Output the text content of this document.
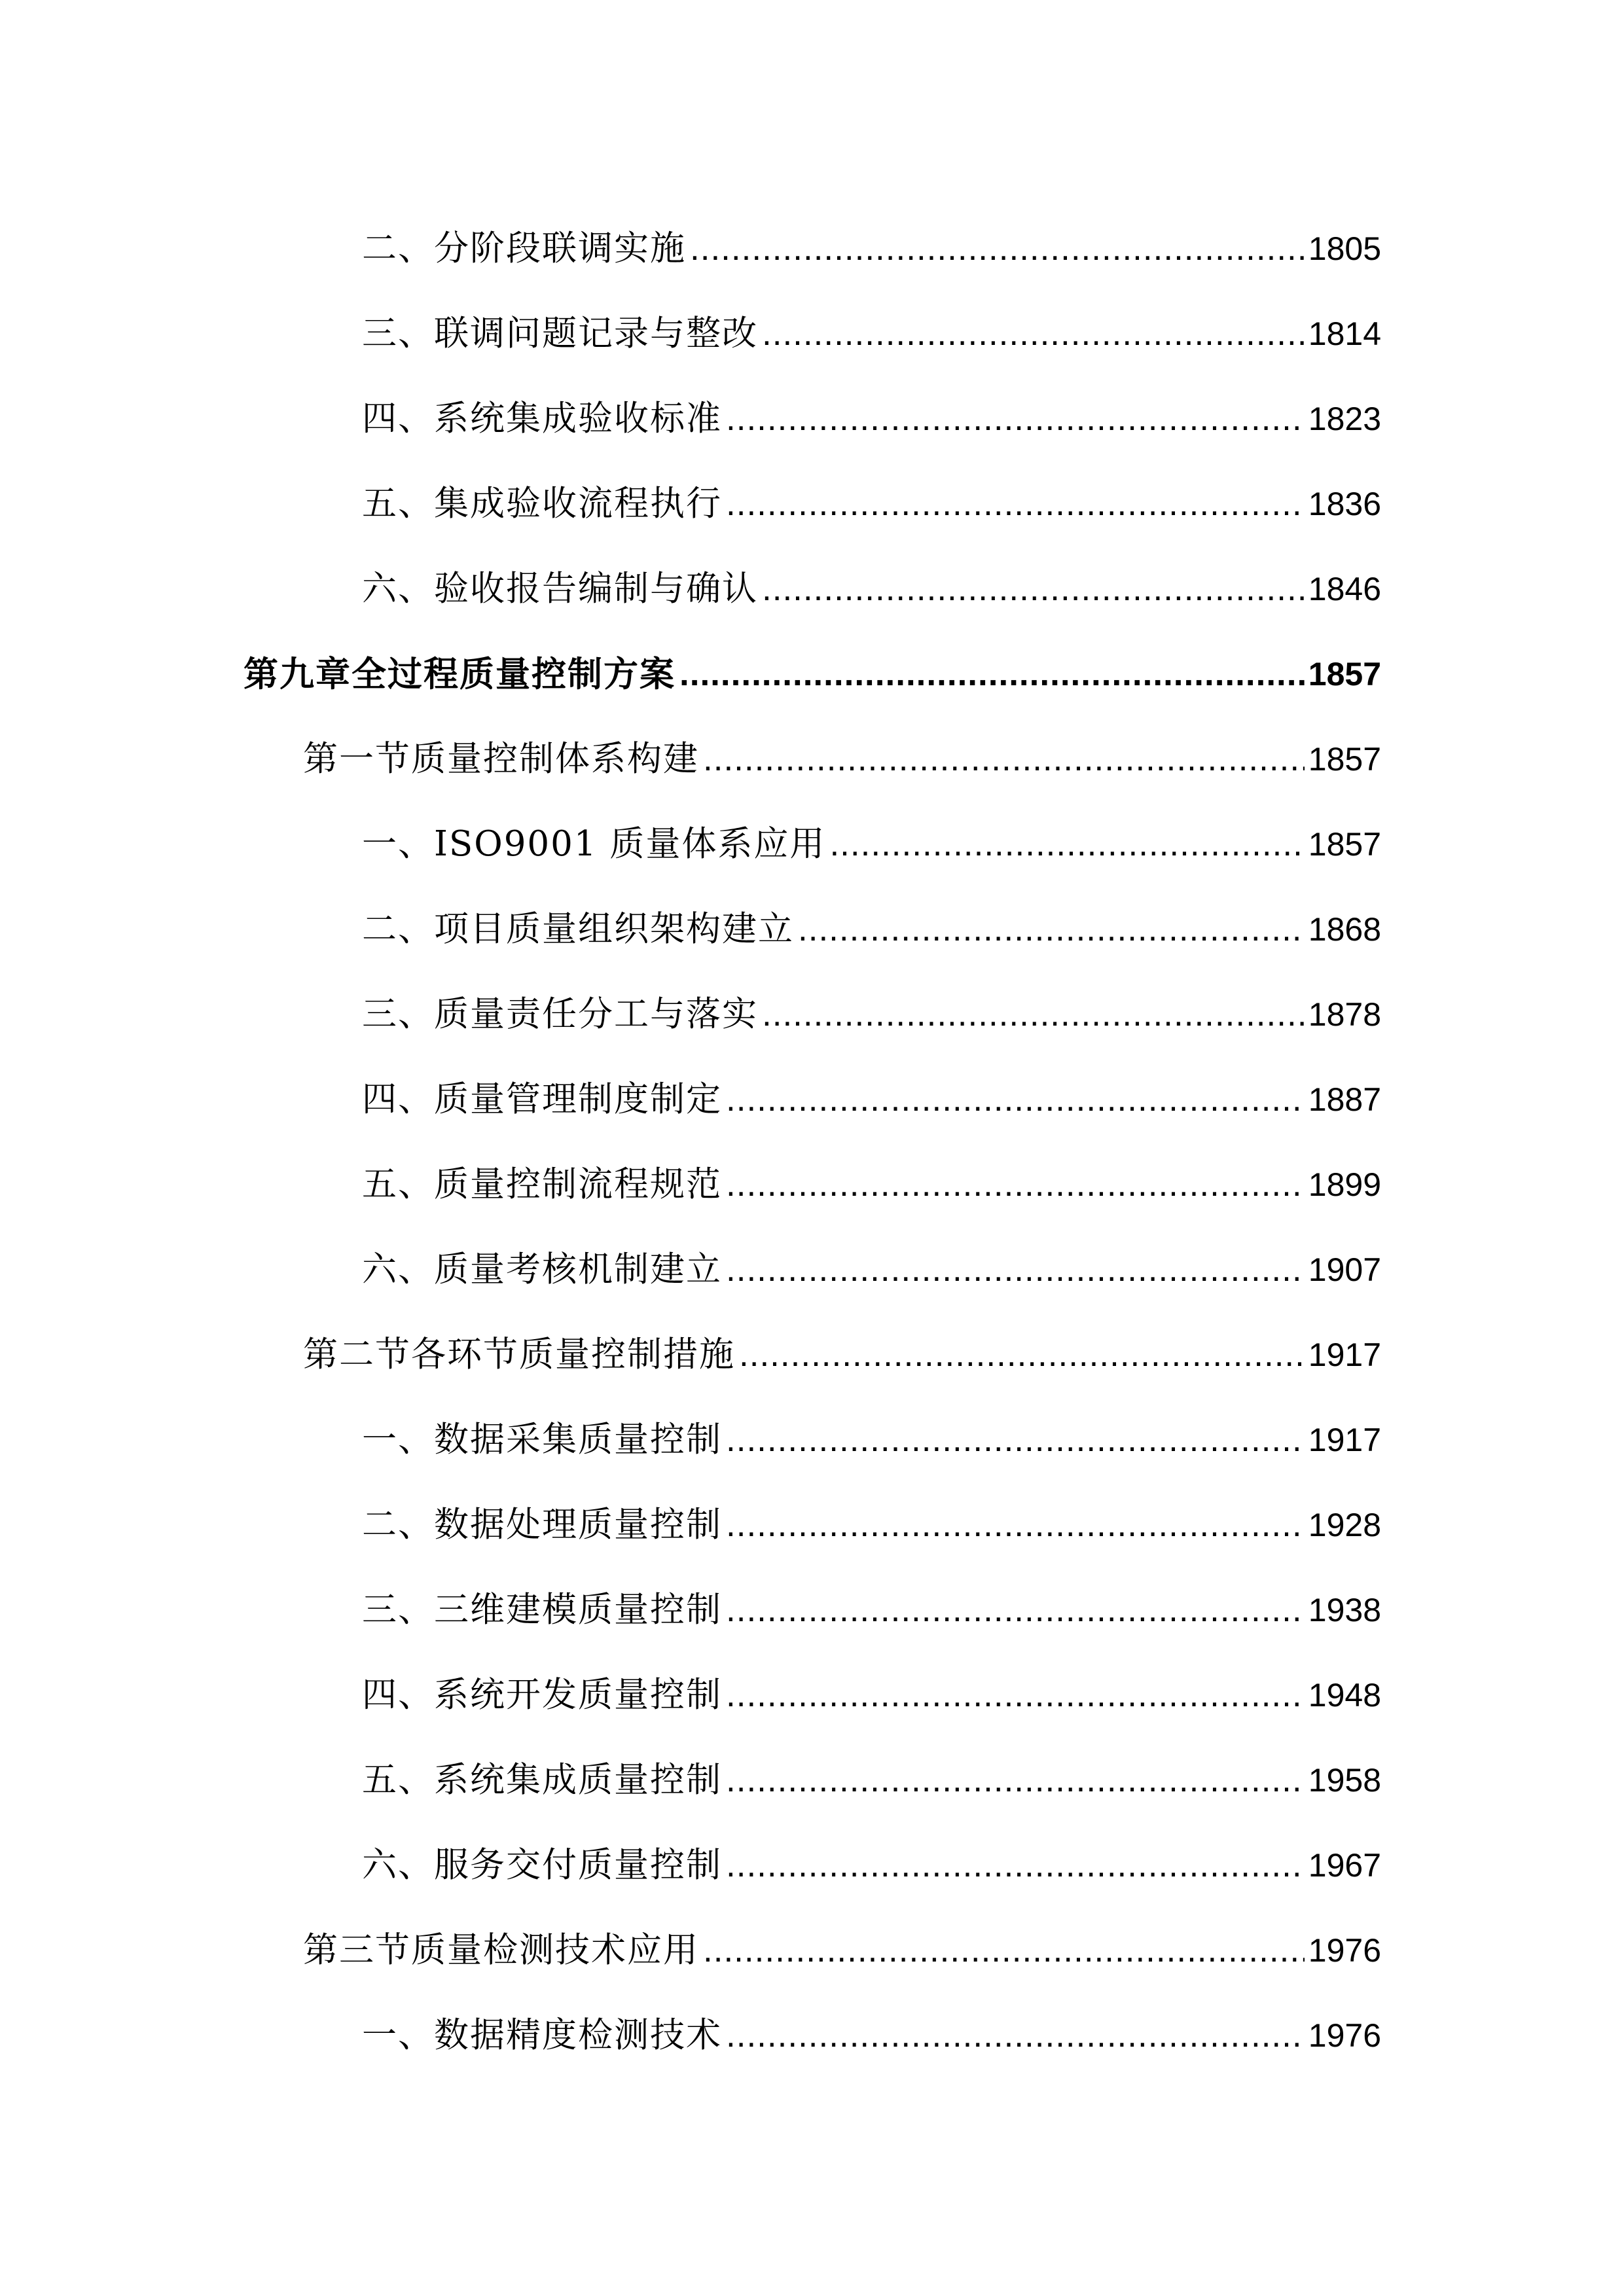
二、分阶段联调实施 .....	1805
三、联调问题记录与整改 .....	1814
四、系统集成验收标准 .....	1823
五、集成验收流程执行 .....	1836
六、验收报告编制与确认 .....	1846
第九章全过程质量控制方案 .....	1857
第一节质量控制体系构建 .....	1857
一、ISO9001 质量体系应用 .....	1857
二、项目质量组织架构建立 .....	1868
三、质量责任分工与落实 .....	1878
四、质量管理制度制定 .....	1887
五、质量控制流程规范 .....	1899
六、质量考核机制建立 .....	1907
第二节各环节质量控制措施 .....	1917
一、数据采集质量控制 .....	1917
二、数据处理质量控制 .....	1928
三、三维建模质量控制 .....	1938
四、系统开发质量控制 .....	1948
五、系统集成质量控制 .....	1958
六、服务交付质量控制 .....	1967
第三节质量检测技术应用 .....	1976
一、数据精度检测技术 .....	1976
